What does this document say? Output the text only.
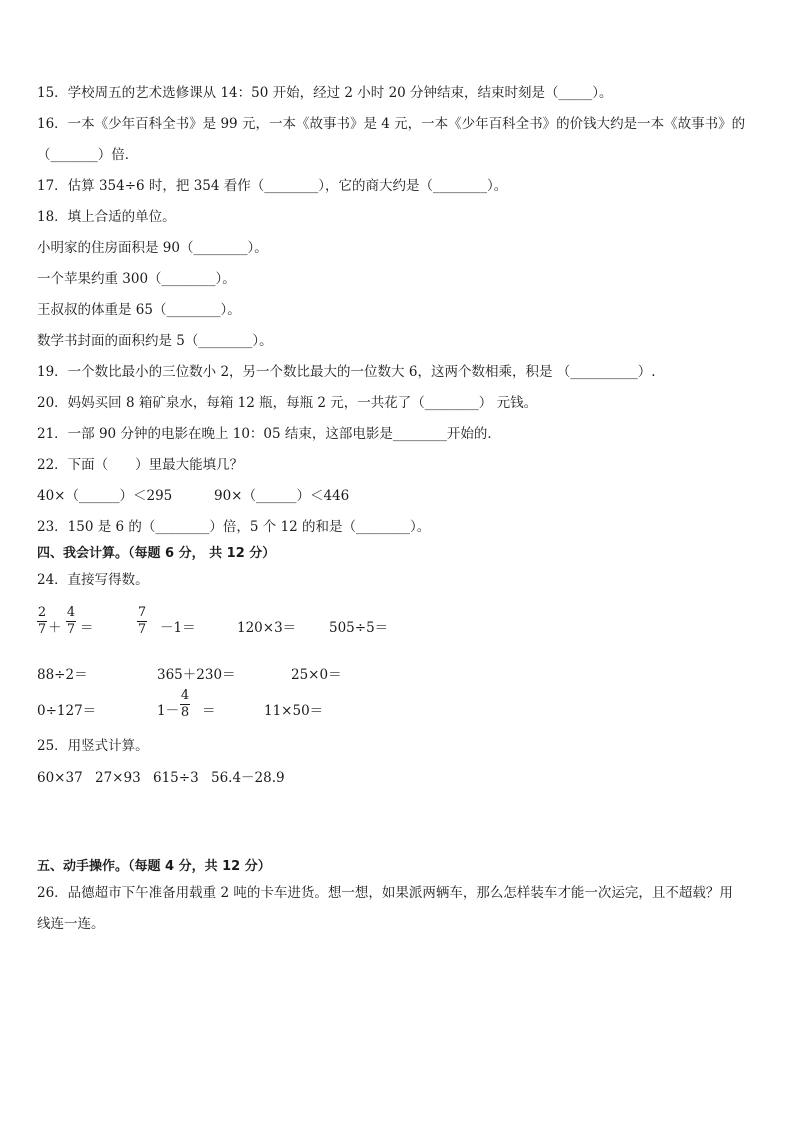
15．学校周五的艺术选修课从 14：50 开始，经过 2 小时 20 分钟结束，结束时刻是（_____）。
16．一本《少年百科全书》是 99 元，一本《故事书》是 4 元，一本《少年百科全书》的价钱大约是一本《故事书》的
（_______）倍．
17．估算 354÷6 时，把 354 看作（________），它的商大约是（________）。
18．填上合适的单位。
小明家的住房面积是 90（________）。
一个苹果约重 300（________）。
王叔叔的体重是 65（________）。
数学书封面的面积约是 5（________）。
19．一个数比最小的三位数小 2，另一个数比最大的一位数大 6，这两个数相乘，积是 （__________）.
20．妈妈买回 8 箱矿泉水，每箱 12 瓶，每瓶 2 元，一共花了（________） 元钱。
21．一部 90 分钟的电影在晚上 10：05 结束，这部电影是________开始的．
22．下面（　　）里最大能填几？
40×（______）＜295	90×（______）＜446
23．150 是 6 的（________）倍，5 个 12 的和是（________）。
四、我会计算。（每题 6 分， 共 12 分）
24．直接写得数。
2
7 ＋
4
7 ＝
7
7 －1＝	120×3＝ 505÷5＝
88÷2＝	365＋230＝	25×0＝
0÷127＝	1－
4
8 ＝	11×50＝
25．用竖式计算。
60×37 27×93 615÷3 56.4－28.9
五、动手操作。（每题 4 分，共 12 分）
26．品德超市下午准备用载重 2 吨的卡车进货。想一想，如果派两辆车，那么怎样装车才能一次运完，且不超载？用
线连一连。
